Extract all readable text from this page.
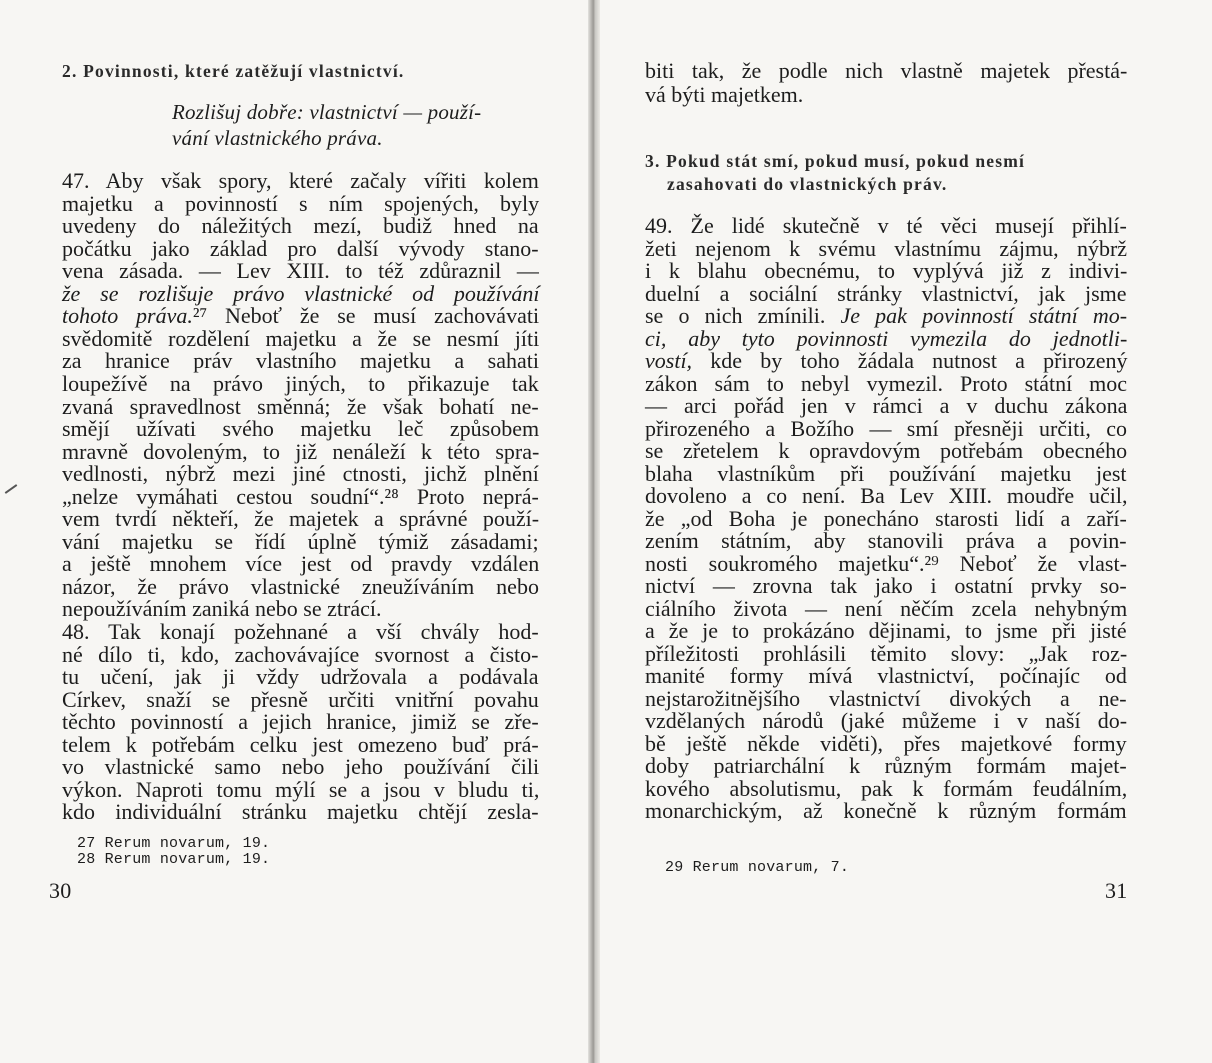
2. Povinnosti, které zatěžují vlastnictví.
Rozlišuj dobře: vlastnictví — použí-
vání vlastnického práva.
47. Aby však spory, které začaly vířiti kolem
majetku a povinností s ním spojených, byly
uvedeny do náležitých mezí, budiž hned na
počátku jako základ pro další vývody stano-
vena zásada. — Lev XIII. to též zdůraznil —
že se rozlišuje právo vlastnické od používání
tohoto práva.²⁷ Neboť že se musí zachovávati
svědomitě rozdělení majetku a že se nesmí jíti
za hranice práv vlastního majetku a sahati
loupežívě na právo jiných, to přikazuje tak
zvaná spravedlnost směnná; že však bohatí ne-
smějí užívati svého majetku leč způsobem
mravně dovoleným, to již nenáleží k této spra-
vedlnosti, nýbrž mezi jiné ctnosti, jichž plnění
„nelze vymáhati cestou soudní“.²⁸ Proto neprá-
vem tvrdí někteří, že majetek a správné použí-
vání majetku se řídí úplně týmiž zásadami;
a ještě mnohem více jest od pravdy vzdálen
názor, že právo vlastnické zneužíváním nebo
nepoužíváním zaniká nebo se ztrácí.
48. Tak konají požehnané a vší chvály hod-
né dílo ti, kdo, zachovávajíce svornost a čisto-
tu učení, jak ji vždy udržovala a podávala
Církev, snaží se přesně určiti vnitřní povahu
těchto povinností a jejich hranice, jimiž se zře-
telem k potřebám celku jest omezeno buď prá-
vo vlastnické samo nebo jeho používání čili
výkon. Naproti tomu mýlí se a jsou v bludu ti,
kdo individuální stránku majetku chtějí zesla-
27 Rerum novarum, 19.
28 Rerum novarum, 19.
30
biti tak, že podle nich vlastně majetek přestá-
vá býti majetkem.
3. Pokud stát smí, pokud musí, pokud nesmí
zasahovati do vlastnických práv.
49. Že lidé skutečně v té věci musejí přihlí-
žeti nejenom k svému vlastnímu zájmu, nýbrž
i k blahu obecnému, to vyplývá již z indivi-
duelní a sociální stránky vlastnictví, jak jsme
se o nich zmínili. Je pak povinností státní mo-
ci, aby tyto povinnosti vymezila do jednotli-
vostí, kde by toho žádala nutnost a přirozený
zákon sám to nebyl vymezil. Proto státní moc
— arci pořád jen v rámci a v duchu zákona
přirozeného a Božího — smí přesněji určiti, co
se zřetelem k opravdovým potřebám obecného
blaha vlastníkům při používání majetku jest
dovoleno a co není. Ba Lev XIII. moudře učil,
že „od Boha je ponecháno starosti lidí a zaří-
zením státním, aby stanovili práva a povin-
nosti soukromého majetku“.²⁹ Neboť že vlast-
nictví — zrovna tak jako i ostatní prvky so-
ciálního života — není něčím zcela nehybným
a že je to prokázáno dějinami, to jsme při jisté
příležitosti prohlásili těmito slovy: „Jak roz-
manité formy mívá vlastnictví, počínajíc od
nejstarožitnějšího vlastnictví divokých a ne-
vzdělaných národů (jaké můžeme i v naší do-
bě ještě někde viděti), přes majetkové formy
doby patriarchální k různým formám majet-
kového absolutismu, pak k formám feudálním,
monarchickým, až konečně k různým formám
29 Rerum novarum, 7.
31
